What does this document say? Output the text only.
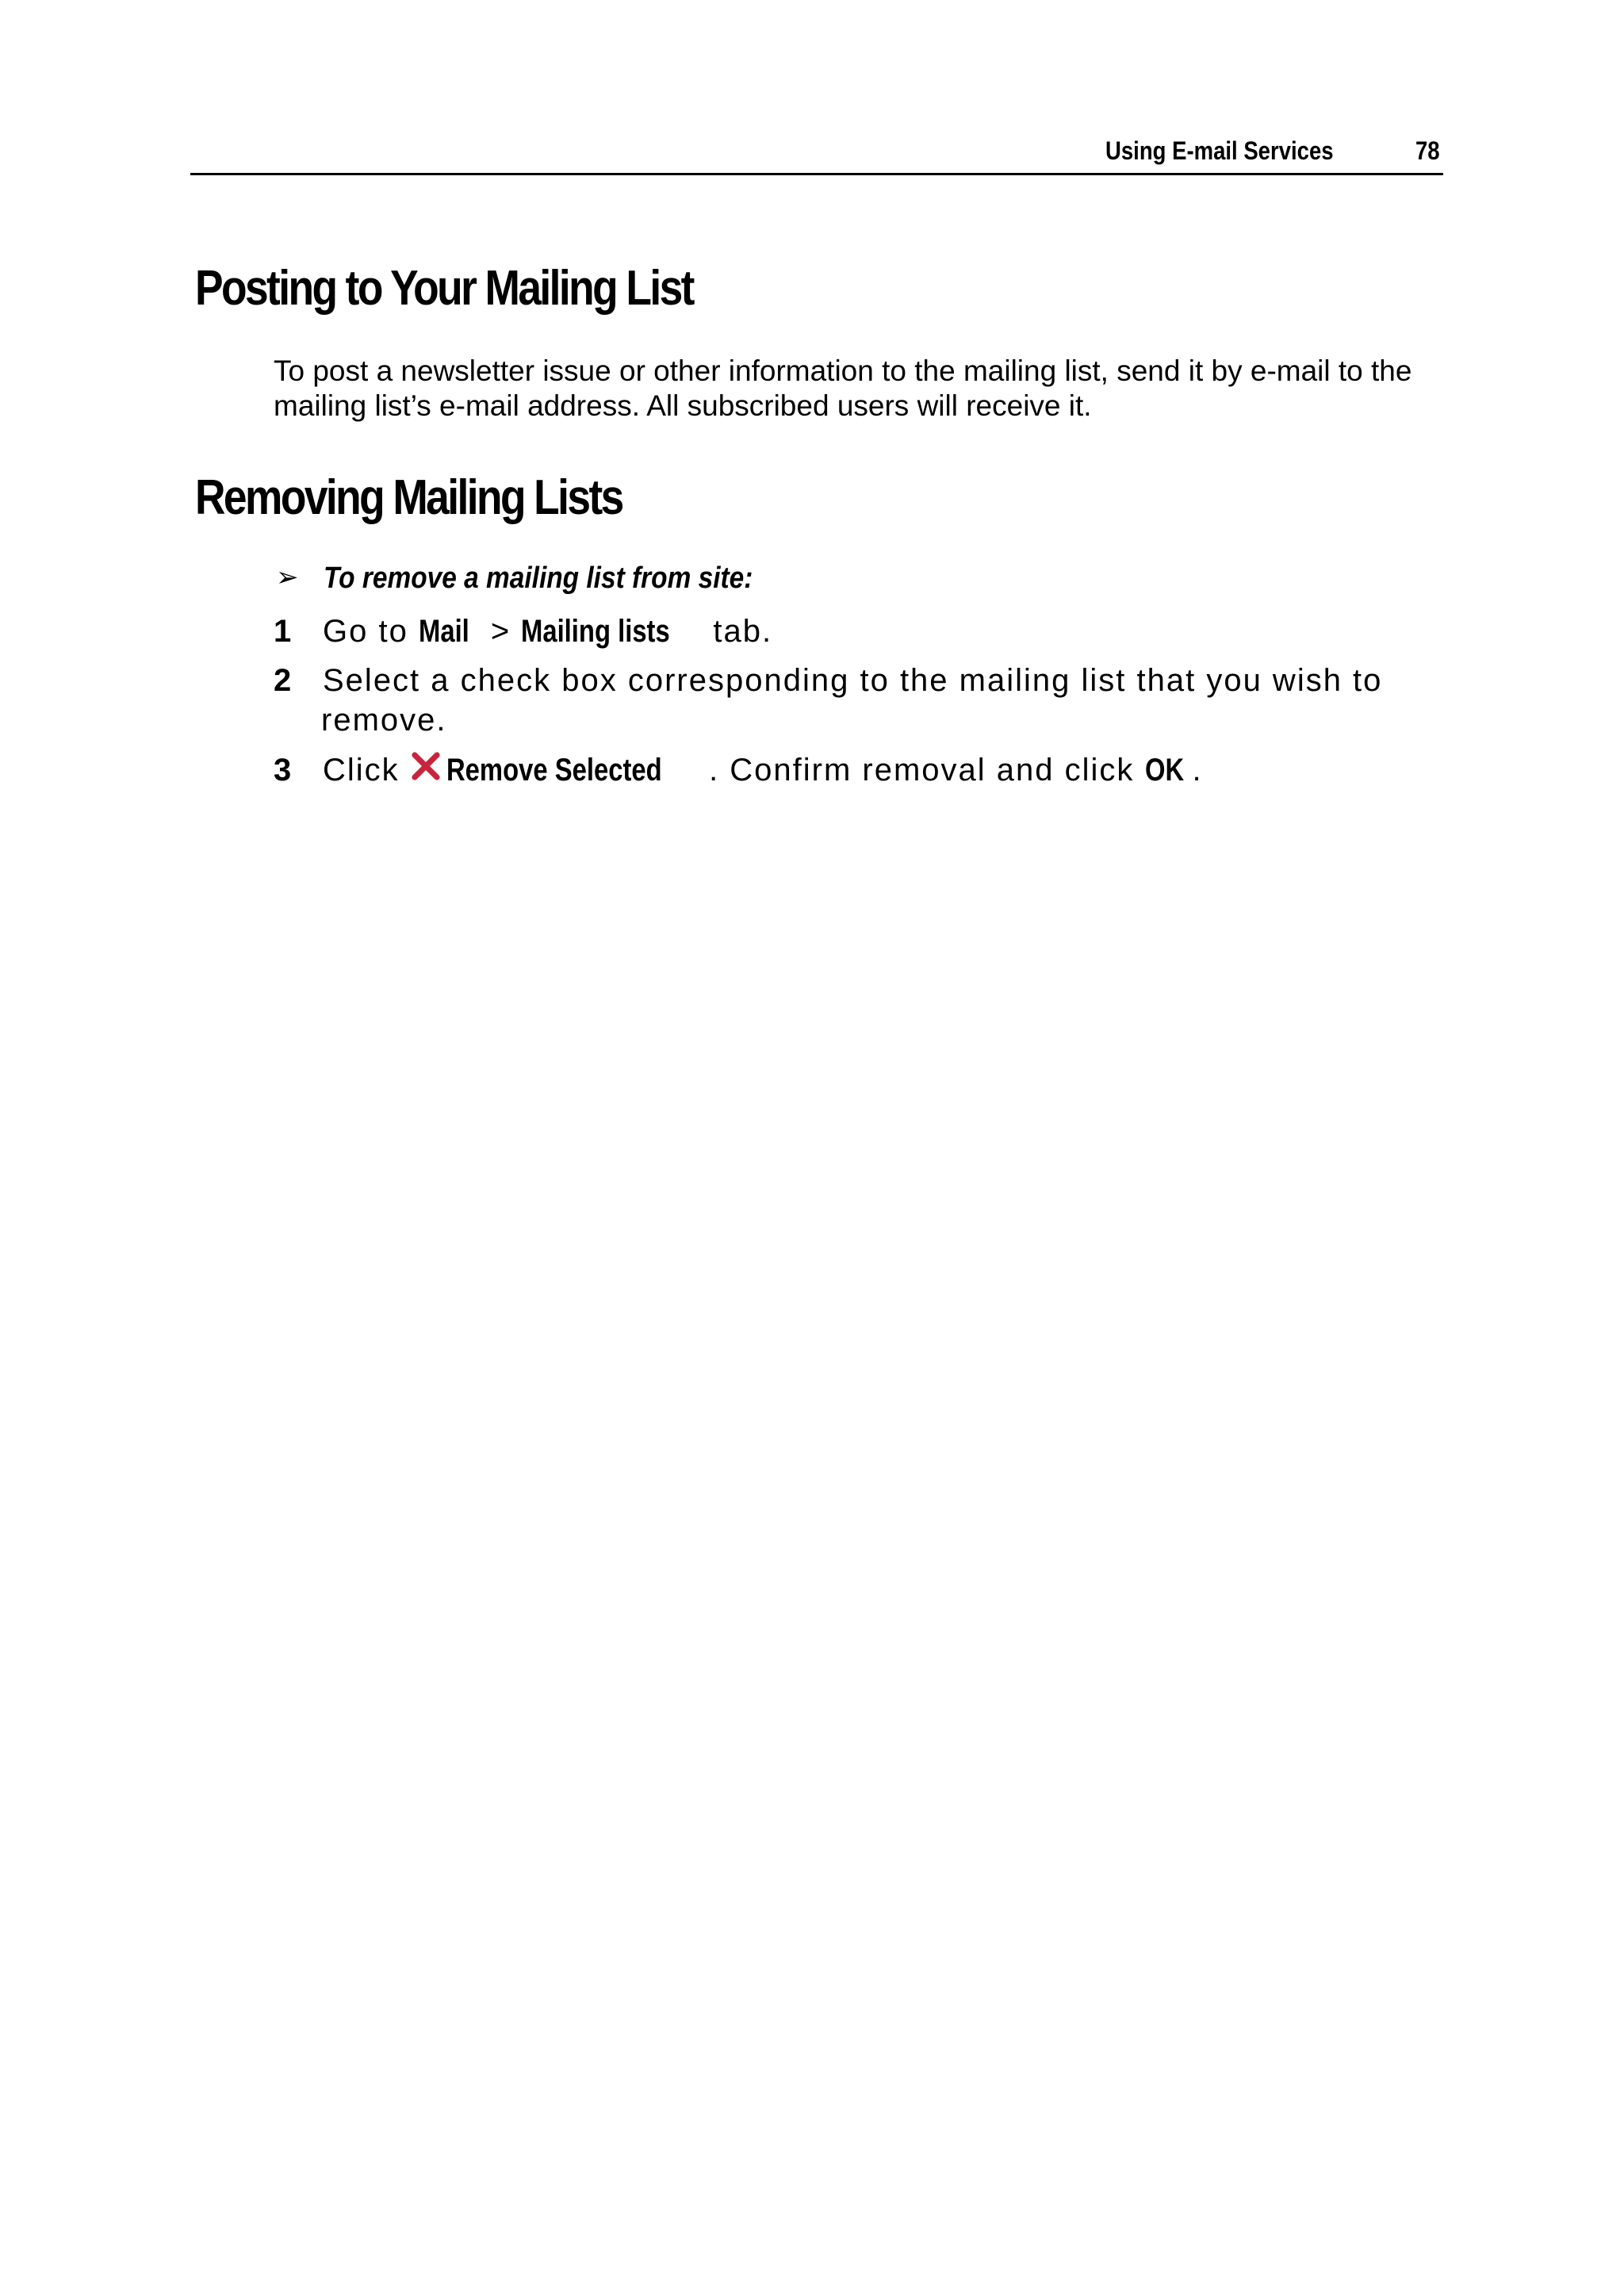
Using E-mail Services	78
Posting to Your Mailing List

To post a newsletter issue or other information to the mailing list, send it by e-mail to the mailing list’s e-mail address. All subscribed users will receive it.

Removing Mailing Lists
➢ To remove a mailing list from site:
1 Go to Mail > Mailing lists tab.
2 Select a check box corresponding to the mailing list that you wish to
remove.
3 Click Remove Selected . Confirm removal and click OK .
